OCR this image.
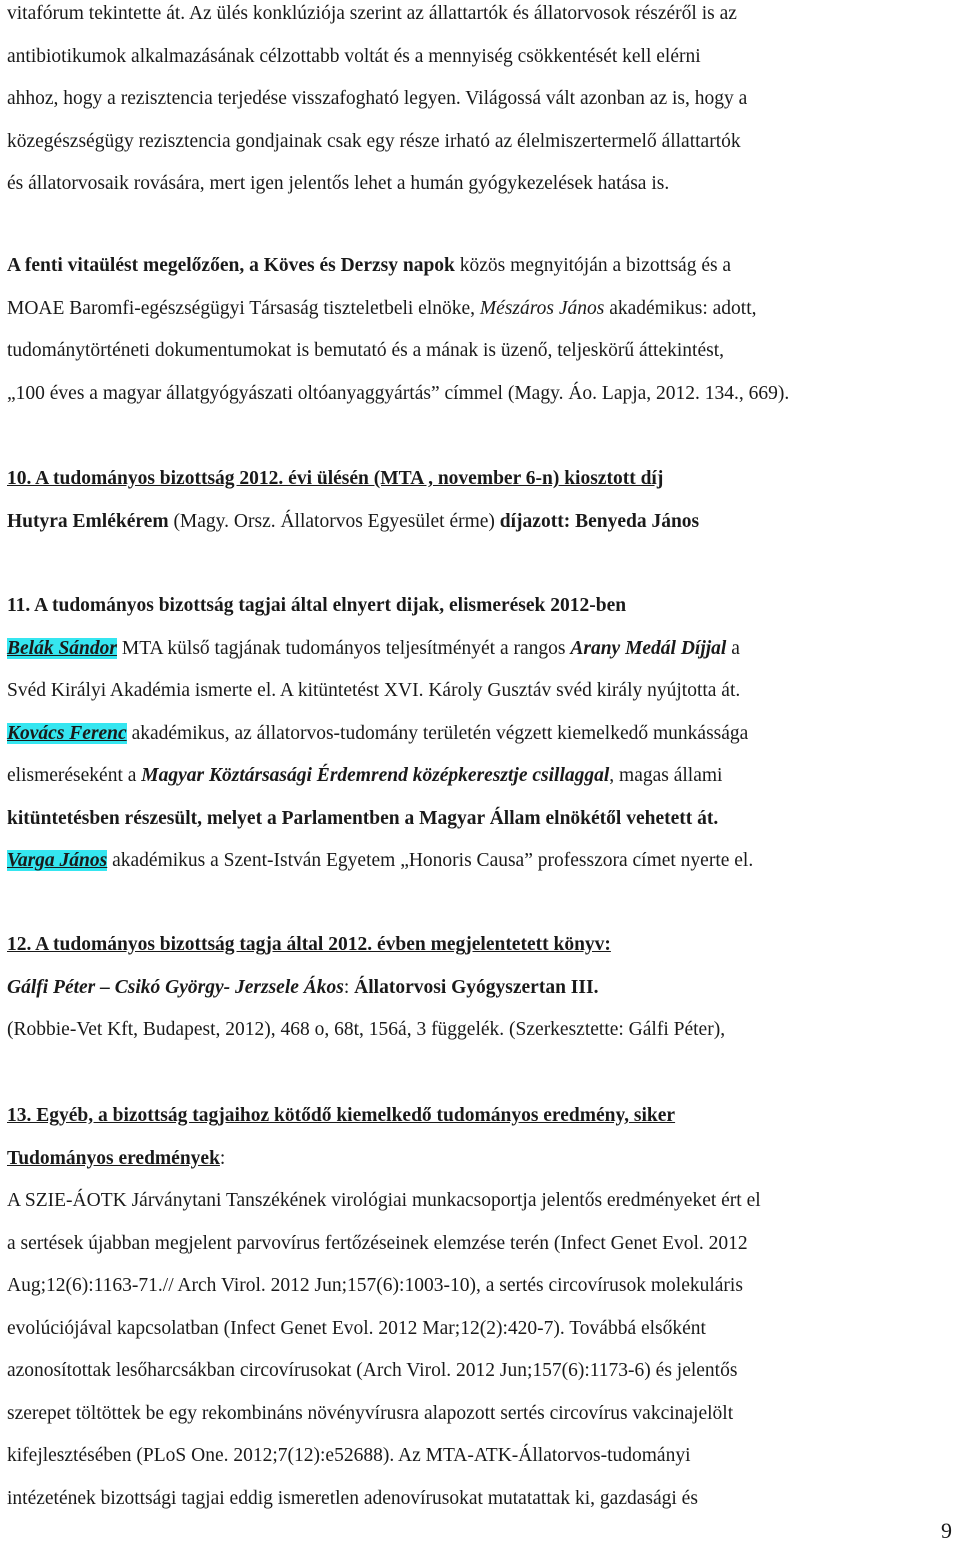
vitafórum tekintette át. Az ülés konklúziója szerint az állattartók és állatorvosok részéről is az

antibiotikumok alkalmazásának célzottabb voltát és a mennyiség csökkentését kell elérni

ahhoz, hogy a rezisztencia terjedése visszafogható legyen. Világossá vált azonban az is, hogy a

közegészségügy rezisztencia gondjainak csak egy része irható az élelmiszertermelő állattartók

és állatorvosaik rovására, mert igen jelentős lehet a humán gyógykezelések hatása is.

A fenti vitaülést megelőzően, a Köves és Derzsy napok közös megnyitóján a bizottság és a

MOAE Baromfi-egészségügyi Társaság tiszteletbeli elnöke, Mészáros János akadémikus: adott,

tudománytörténeti dokumentumokat is bemutató és a mának is üzenő, teljeskörű áttekintést,

„100 éves a magyar állatgyógyászati oltóanyaggyártás” címmel (Magy. Áo. Lapja, 2012. 134., 669).

10. A tudományos bizottság 2012. évi ülésén (MTA , november 6-n) kiosztott díj

Hutyra Emlékérem (Magy. Orsz. Állatorvos Egyesület érme) díjazott: Benyeda János

11. A tudományos bizottság tagjai által elnyert dijak, elismerések 2012-ben

Belák Sándor MTA külső tagjának tudományos teljesítményét a rangos Arany Medál Díjjal a

Svéd Királyi Akadémia ismerte el. A kitüntetést XVI. Károly Gusztáv svéd király nyújtotta át.

Kovács Ferenc akadémikus, az állatorvos-tudomány területén végzett kiemelkedő munkássága

elismeréseként a Magyar Köztársasági Érdemrend középkeresztje csillaggal, magas állami

kitüntetésben részesült, melyet a Parlamentben a Magyar Állam elnökétől vehetett át.

Varga János akadémikus a Szent-István Egyetem „Honoris Causa” professzora címet nyerte el.

12. A tudományos bizottság tagja által 2012. évben megjelentetett könyv:

Gálfi Péter – Csikó György- Jerzsele Ákos: Állatorvosi Gyógyszertan III.

(Robbie-Vet Kft, Budapest, 2012), 468 o, 68t, 156á, 3 függelék. (Szerkesztette: Gálfi Péter),

13. Egyéb, a bizottság tagjaihoz kötődő kiemelkedő tudományos eredmény, siker

Tudományos eredmények:

A SZIE-ÁOTK Járványtani Tanszékének virológiai munkacsoportja jelentős eredményeket ért el

a sertések újabban megjelent parvovírus fertőzéseinek elemzése terén (Infect Genet Evol. 2012

Aug;12(6):1163-71.// Arch Virol. 2012 Jun;157(6):1003-10), a sertés circovírusok molekuláris

evolúciójával kapcsolatban (Infect Genet Evol. 2012 Mar;12(2):420-7). Továbbá elsőként

azonosítottak lesőharcsákban circovírusokat (Arch Virol. 2012 Jun;157(6):1173-6) és jelentős

szerepet töltöttek be egy rekombináns növényvírusra alapozott sertés circovírus vakcinajelölt

kifejlesztésében (PLoS One. 2012;7(12):e52688). Az MTA-ATK-Állatorvos-tudományi

intézetének bizottsági tagjai eddig ismeretlen adenovírusokat mutatattak ki, gazdasági és

9
